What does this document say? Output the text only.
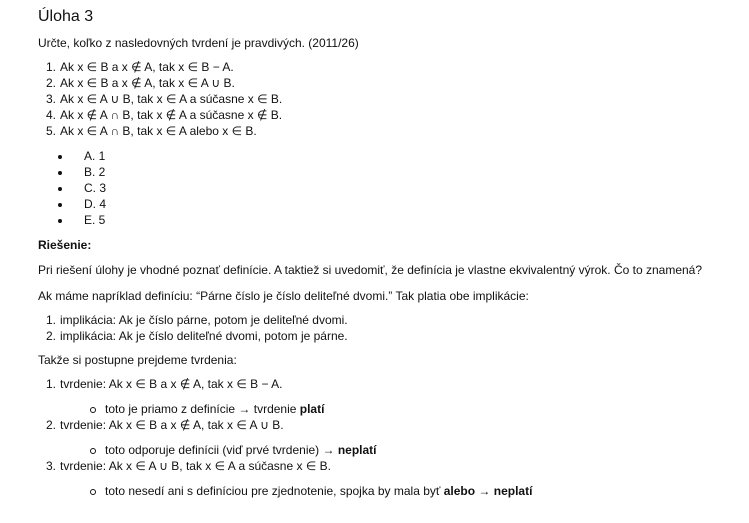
Úloha 3
Určte, koľko z nasledovných tvrdení je pravdivých. (2011/26)
1. Ak x ∈ B a x ∉ A, tak x ∈ B − A.
2. Ak x ∈ B a x ∉ A, tak x ∈ A ∪ B.
3. Ak x ∈ A ∪ B, tak x ∈ A a súčasne x ∈ B.
4. Ak x ∉ A ∩ B, tak x ∉ A a súčasne x ∉ B.
5. Ak x ∈ A ∩ B, tak x ∈ A alebo x ∈ B.
A. 1
B. 2
C. 3
D. 4
E. 5
Riešenie:
Pri riešení úlohy je vhodné poznať definície. A taktiež si uvedomiť, že definícia je vlastne ekvivalentný výrok. Čo to znamená?
Ak máme napríklad definíciu: “Párne číslo je číslo deliteľné dvomi.” Tak platia obe implikácie:
1. implikácia: Ak je číslo párne, potom je deliteľné dvomi.
2. implikácia: Ak je číslo deliteľné dvomi, potom je párne.
Takže si postupne prejdeme tvrdenia:
1. tvrdenie: Ak x ∈ B a x ∉ A, tak x ∈ B − A.
toto je priamo z definície → tvrdenie platí
2. tvrdenie: Ak x ∈ B a x ∉ A, tak x ∈ A ∪ B.
toto odporuje definícii (viď prvé tvrdenie) → neplatí
3. tvrdenie: Ak x ∈ A ∪ B, tak x ∈ A a súčasne x ∈ B.
toto nesedí ani s definíciou pre zjednotenie, spojka by mala byť alebo → neplatí
